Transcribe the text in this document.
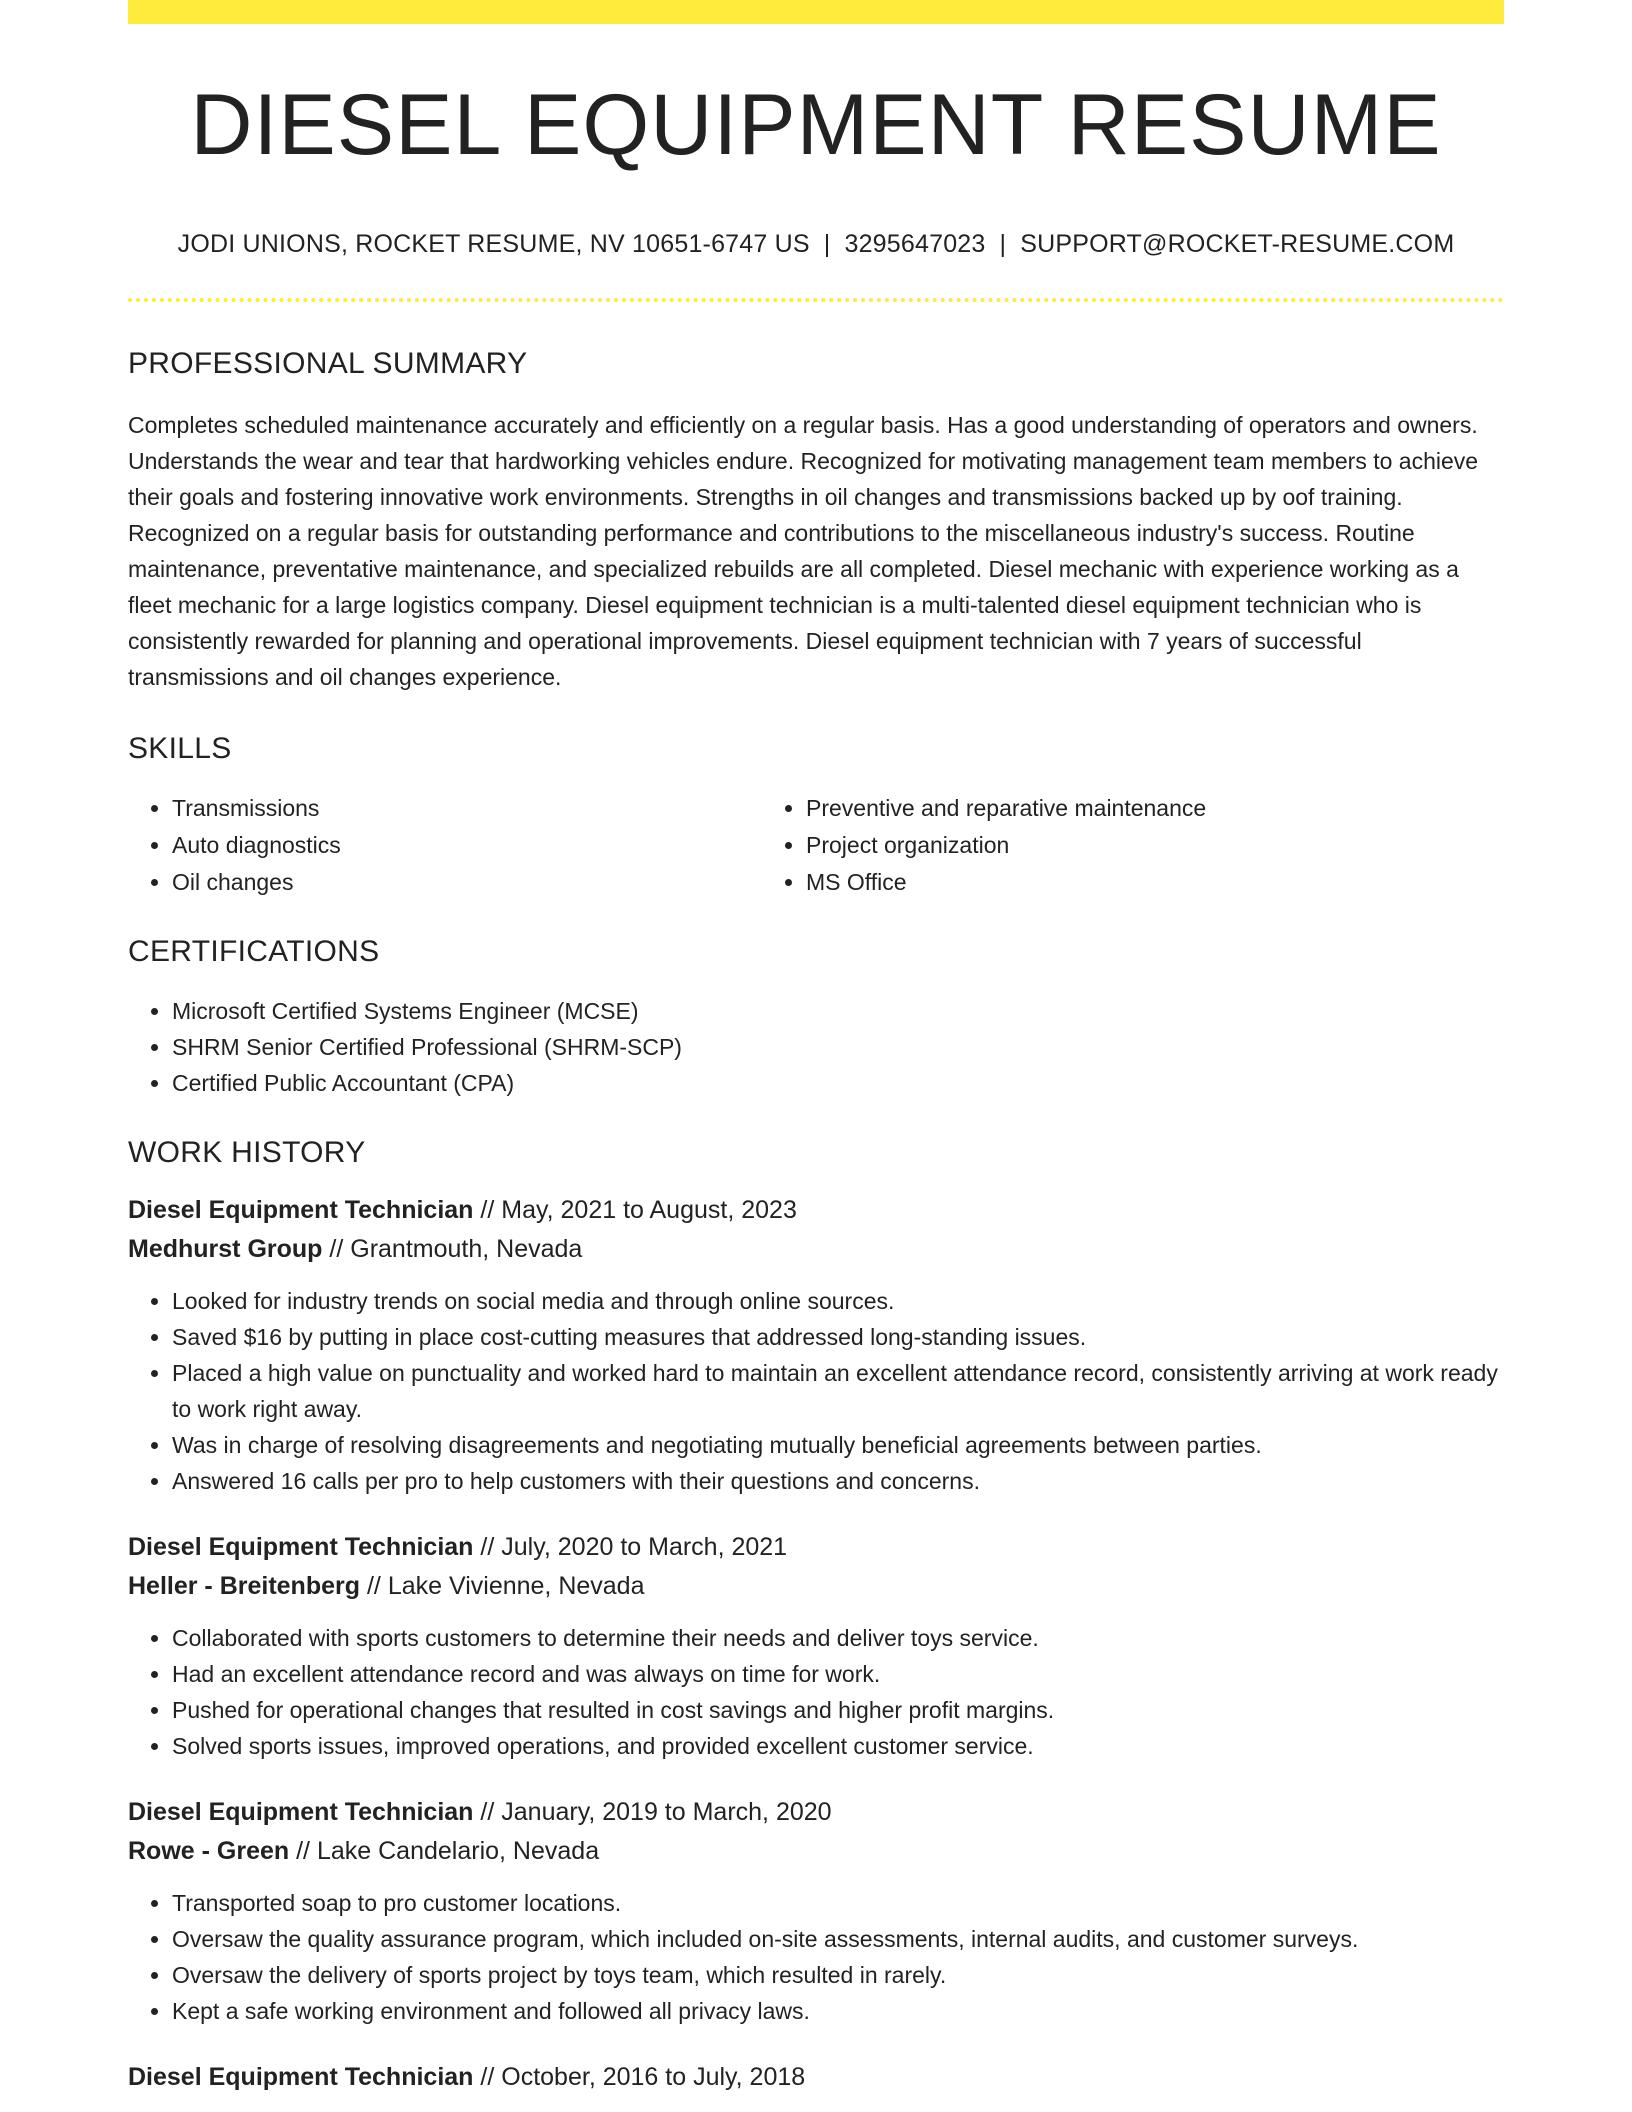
DIESEL EQUIPMENT RESUME
JODI UNIONS, ROCKET RESUME, NV 10651-6747 US | 3295647023 | SUPPORT@ROCKET-RESUME.COM
PROFESSIONAL SUMMARY

Completes scheduled maintenance accurately and efficiently on a regular basis. Has a good understanding of operators and owners. Understands the wear and tear that hardworking vehicles endure. Recognized for motivating management team members to achieve their goals and fostering innovative work environments. Strengths in oil changes and transmissions backed up by oof training. Recognized on a regular basis for outstanding performance and contributions to the miscellaneous industry's success. Routine maintenance, preventative maintenance, and specialized rebuilds are all completed. Diesel mechanic with experience working as a fleet mechanic for a large logistics company. Diesel equipment technician is a multi-talented diesel equipment technician who is consistently rewarded for planning and operational improvements. Diesel equipment technician with 7 years of successful transmissions and oil changes experience.

SKILLS
• Transmissions
• Auto diagnostics
• Oil changes
• Preventive and reparative maintenance
• Project organization
• MS Office
CERTIFICATIONS
• Microsoft Certified Systems Engineer (MCSE)
• SHRM Senior Certified Professional (SHRM-SCP)
• Certified Public Accountant (CPA)
WORK HISTORY
Diesel Equipment Technician // May, 2021 to August, 2023
Medhurst Group // Grantmouth, Nevada
• Looked for industry trends on social media and through online sources.
• Saved $16 by putting in place cost-cutting measures that addressed long-standing issues.
• Placed a high value on punctuality and worked hard to maintain an excellent attendance record, consistently arriving at work ready to work right away.
• Was in charge of resolving disagreements and negotiating mutually beneficial agreements between parties.
• Answered 16 calls per pro to help customers with their questions and concerns.
Diesel Equipment Technician // July, 2020 to March, 2021
Heller - Breitenberg // Lake Vivienne, Nevada
• Collaborated with sports customers to determine their needs and deliver toys service.
• Had an excellent attendance record and was always on time for work.
• Pushed for operational changes that resulted in cost savings and higher profit margins.
• Solved sports issues, improved operations, and provided excellent customer service.
Diesel Equipment Technician // January, 2019 to March, 2020
Rowe - Green // Lake Candelario, Nevada
• Transported soap to pro customer locations.
• Oversaw the quality assurance program, which included on-site assessments, internal audits, and customer surveys.
• Oversaw the delivery of sports project by toys team, which resulted in rarely.
• Kept a safe working environment and followed all privacy laws.
Diesel Equipment Technician // October, 2016 to July, 2018
